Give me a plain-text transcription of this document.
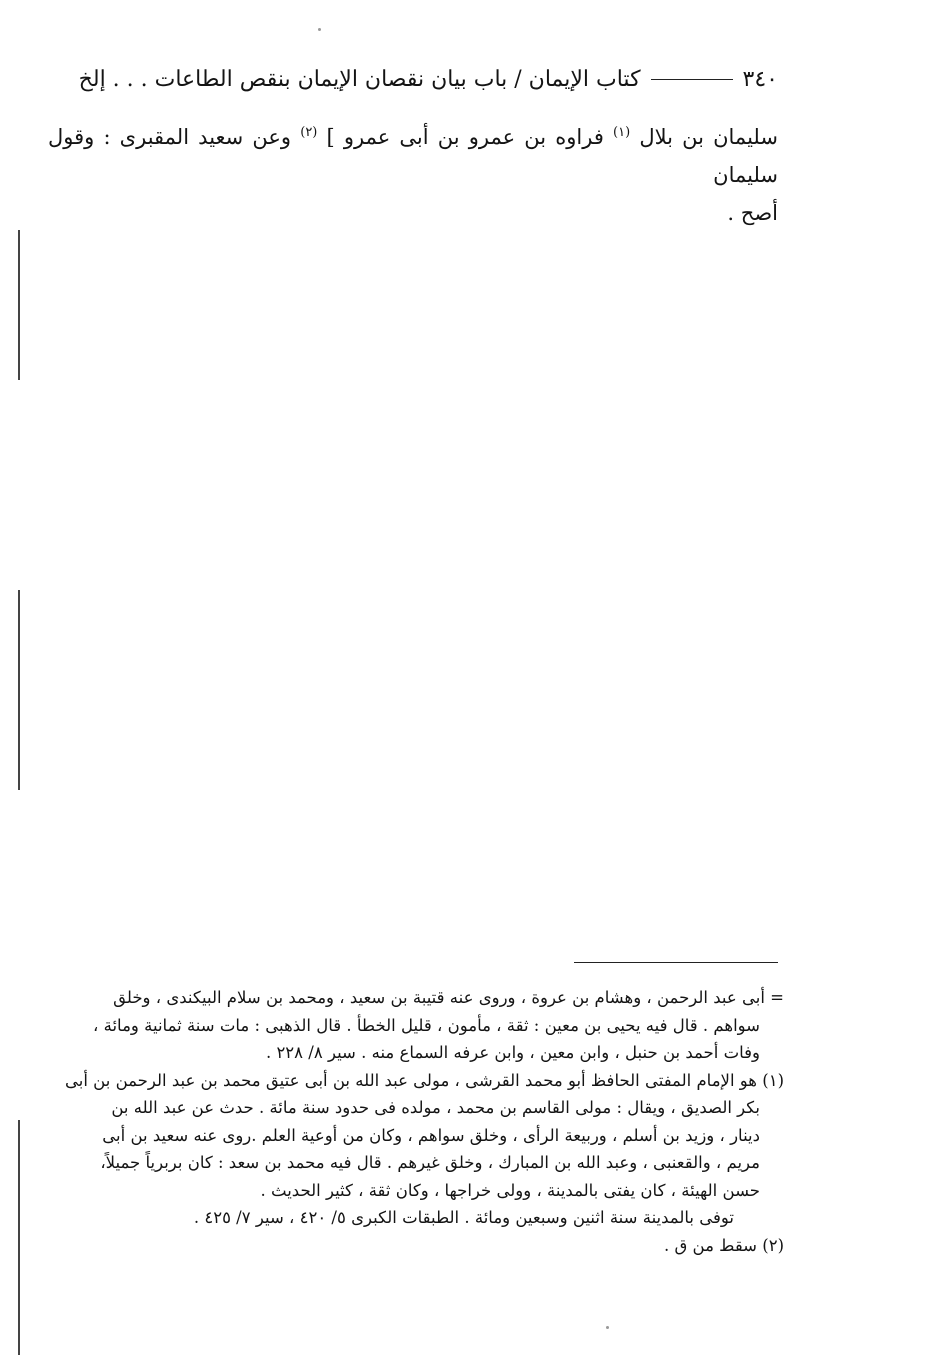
٣٤٠
كتاب الإيمان / باب بيان نقصان الإيمان بنقص الطاعات . . . إلخ

سليمان بن بلال $^{(١)}$ فراوه بن عمرو بن أبى عمرو ] $^{(٢)}$ وعن سعيد المقبرى : وقول سليمان

أصح .

= أبى عبد الرحمن ، وهشام بن عروة ، وروى عنه قتيبة بن سعيد ، ومحمد بن سلام البيكندى ، وخلق

سواهم . قال فيه يحيى بن معين : ثقة ، مأمون ، قليل الخطأ . قال الذهبى : مات سنة ثمانية ومائة ،

وفات أحمد بن حنبل ، وابن معين ، وابن عرفه السماع منه . سير ٨/ ٢٢٨ .

(١) هو الإمام المفتى الحافظ أبو محمد القرشى ، مولى عبد الله بن أبى عتيق محمد بن عبد الرحمن بن أبى

بكر الصديق ، ويقال : مولى القاسم بن محمد ، مولده فى حدود سنة مائة . حدث عن عبد الله بن

دينار ، وزيد بن أسلم ، وربيعة الرأى ، وخلق سواهم ، وكان من أوعية العلم .روى عنه سعيد بن أبى

مريم ، والقعنبى ، وعبد الله بن المبارك ، وخلق غيرهم . قال فيه محمد بن سعد : كان بربرياً جميلاً،

حسن الهيئة ، كان يفتى بالمدينة ، وولى خراجها ، وكان ثقة ، كثير الحديث .

توفى بالمدينة سنة اثنين وسبعين ومائة . الطبقات الكبرى ٥/ ٤٢٠ ، سير ٧/ ٤٢٥ .

(٢) سقط من ق .
